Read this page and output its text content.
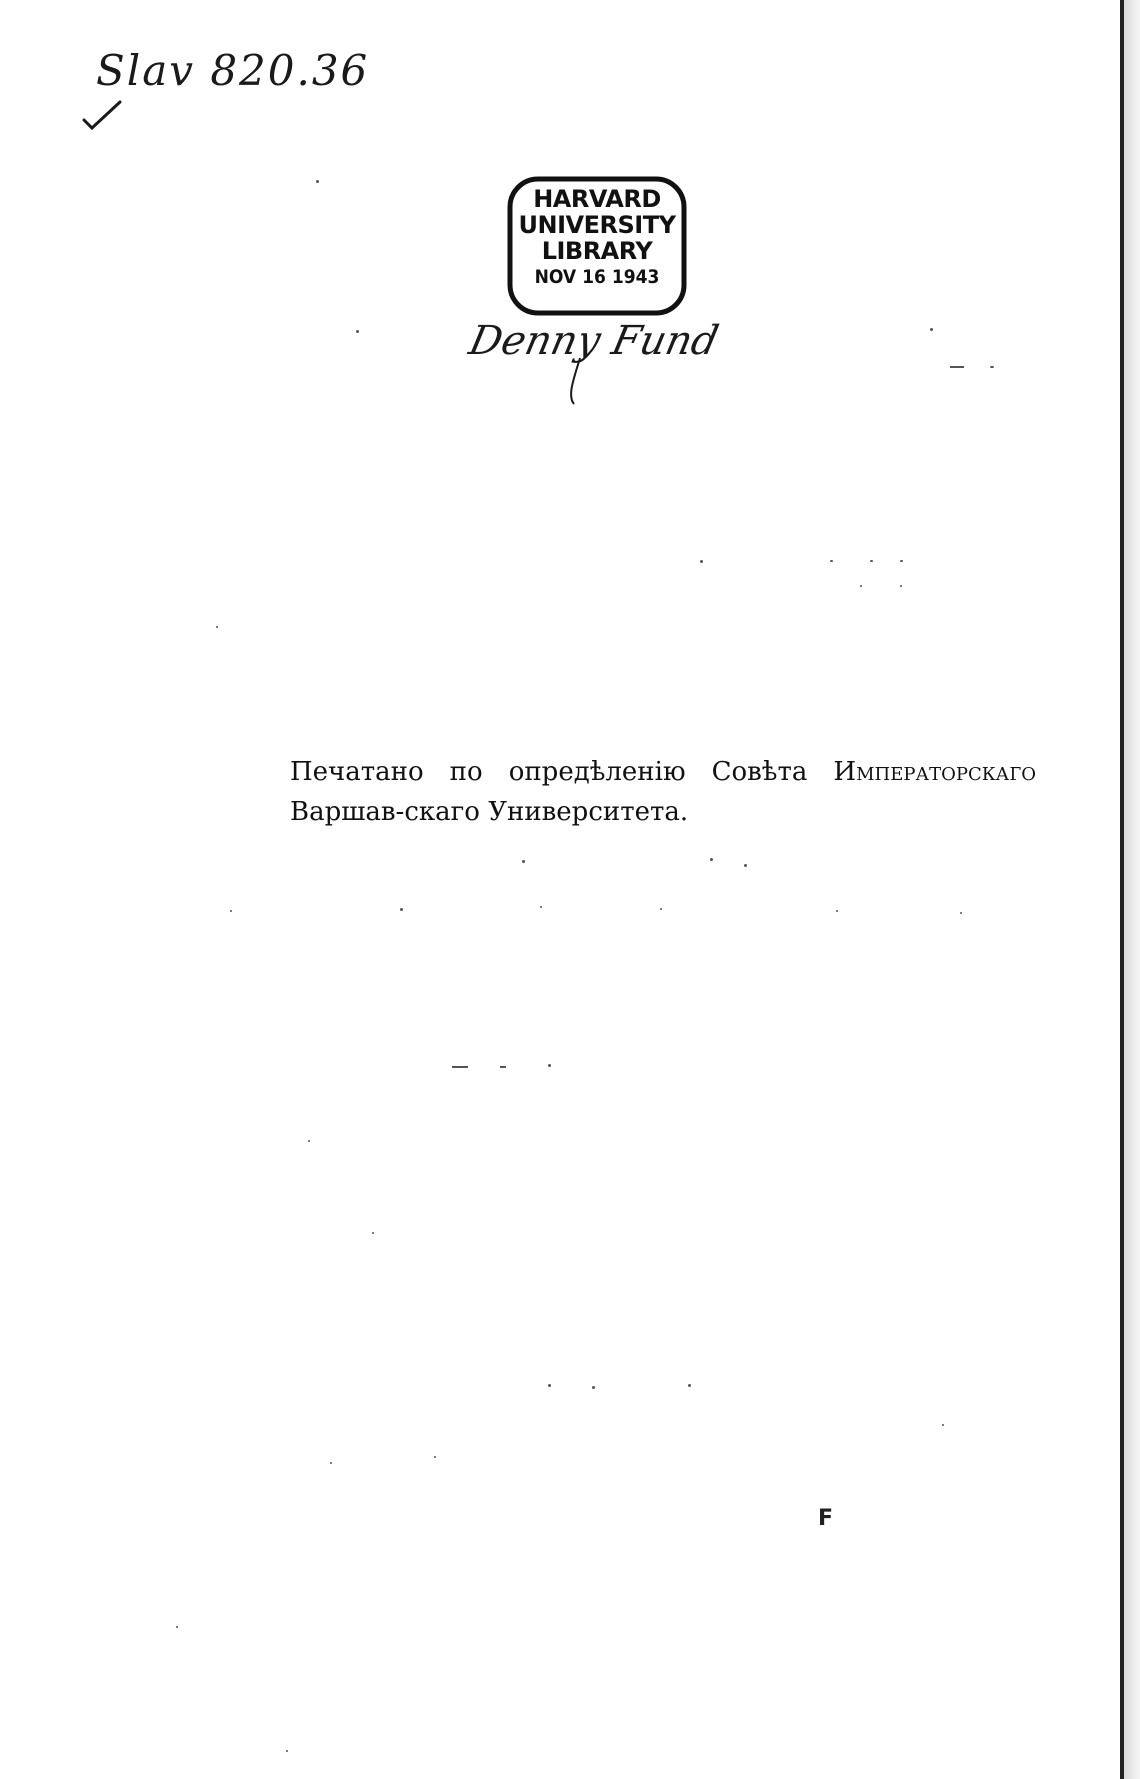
Slav 820.36
HARVARD
UNIVERSITY
LIBRARY
NOV 16 1943
Denny Fund
Печатано по опредѣленію Совѣта Императорскаго Варшав-скаго Университета.
F
